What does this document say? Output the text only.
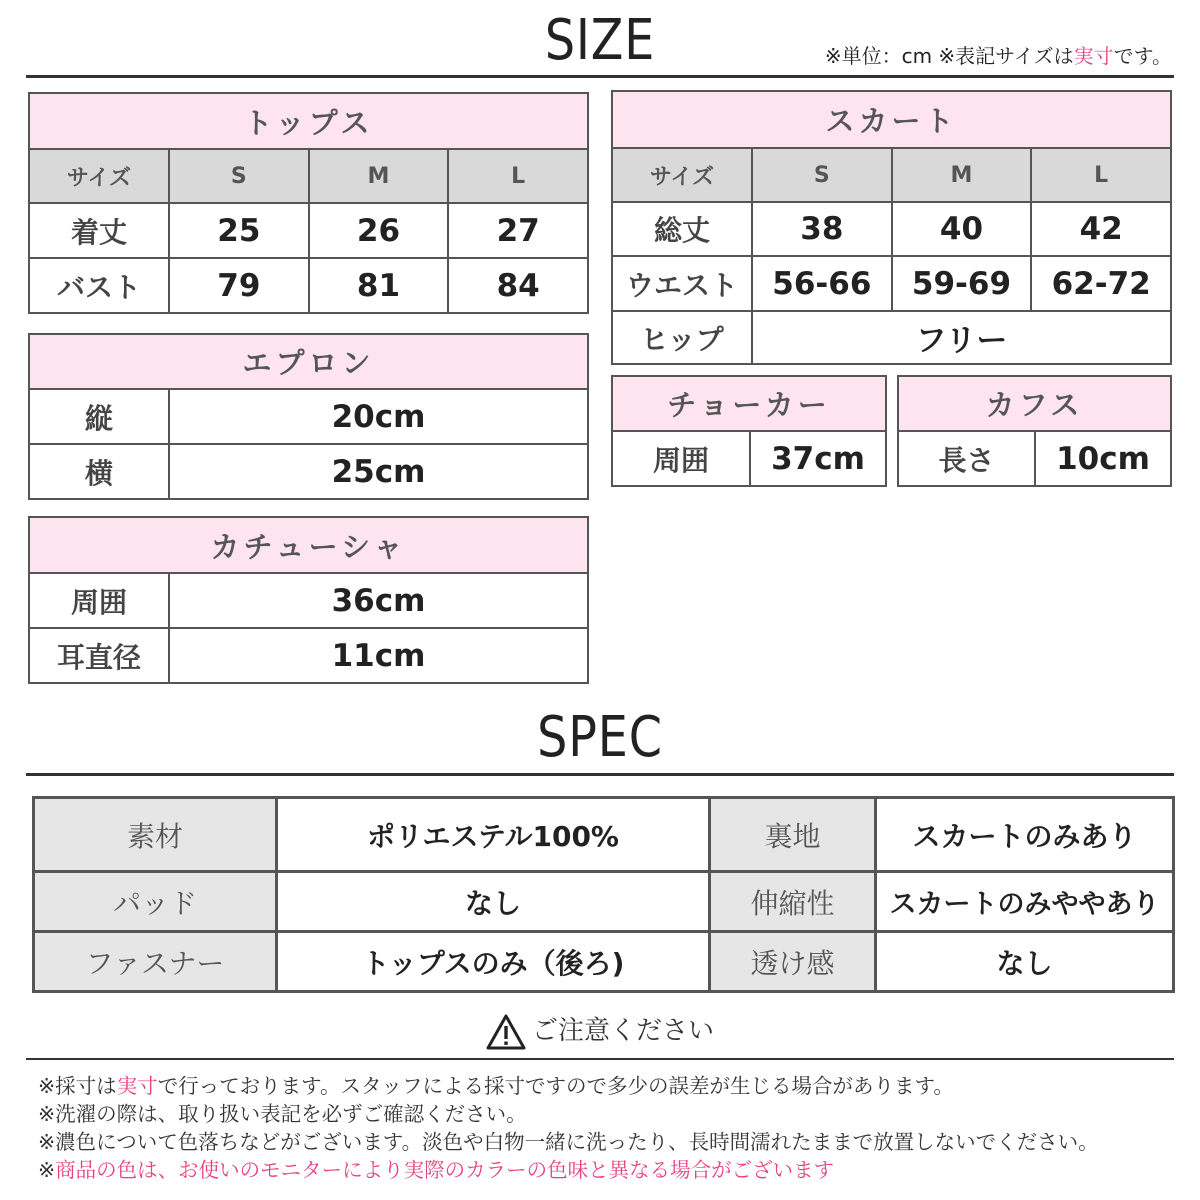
SIZE	※単位：cm ※表記サイズは実寸です。
トップス			
サイズ	S	M	L
着丈	25	26	27
バスト	79	81	84
エプロン	
縦	20cm
横	25cm
カチューシャ	
周囲	36cm
耳直径	11cm
スカート			
サイズ	S	M	L
総丈	38	40	42
ウエスト	56-66	59-69	62-72
ヒップ	フリー		
チョーカー
周囲	37cm
カフス
長さ	10cm
SPEC
素材	ポリエステル100%	裏地	スカートのみあり
パッド	なし	伸縮性	スカートのみややあり
ファスナー	トップスのみ（後ろ)	透け感	なし
ご注意ください
※採寸は実寸で行っております。スタッフによる採寸ですので多少の誤差が生じる場合があります。
※洗濯の際は、取り扱い表記を必ずご確認ください。
※濃色について色落ちなどがございます。淡色や白物一緒に洗ったり、長時間濡れたままで放置しないでください。
※商品の色は、お使いのモニターにより実際のカラーの色味と異なる場合がございます
